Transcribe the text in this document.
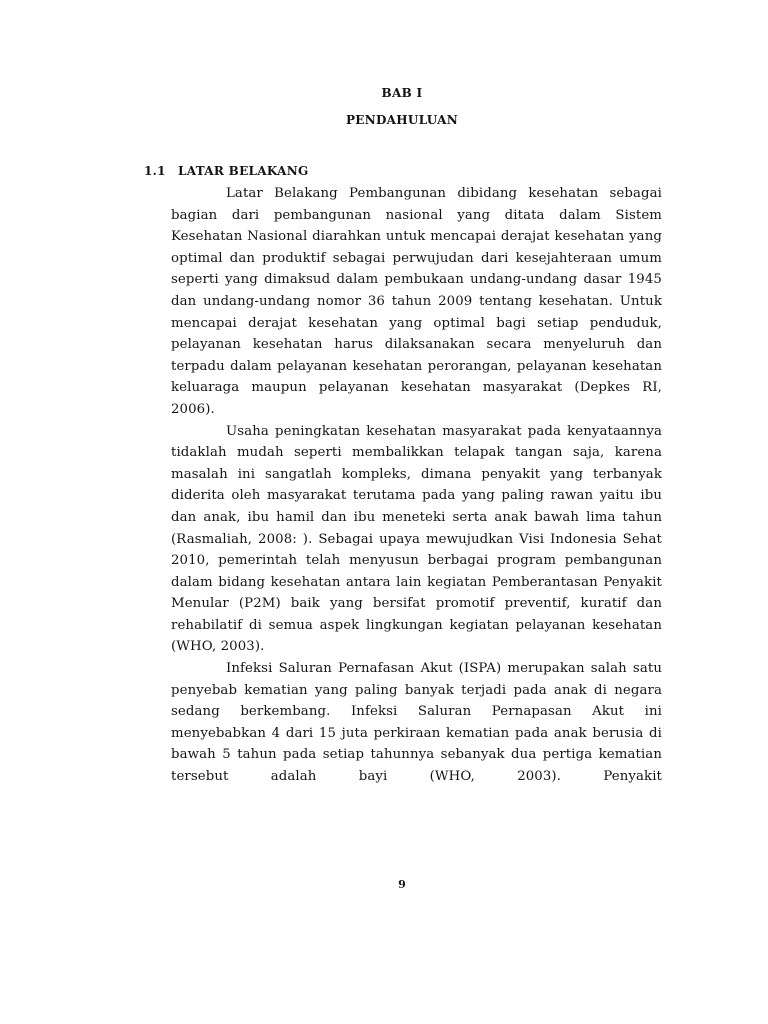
BAB I
PENDAHULUAN
1.1 LATAR BELAKANG

Latar Belakang Pembangunan dibidang kesehatan sebagai bagian dari pembangunan nasional yang ditata dalam Sistem Kesehatan Nasional diarahkan untuk mencapai derajat kesehatan yang optimal dan produktif sebagai perwujudan dari kesejahteraan umum seperti yang dimaksud dalam pembukaan undang-undang dasar 1945 dan undang-undang nomor 36 tahun 2009 tentang kesehatan. Untuk mencapai derajat kesehatan yang optimal bagi setiap penduduk, pelayanan kesehatan harus dilaksanakan secara menyeluruh dan terpadu dalam pelayanan kesehatan perorangan, pelayanan kesehatan keluaraga maupun pelayanan kesehatan masyarakat (Depkes RI, 2006).

Usaha peningkatan kesehatan masyarakat pada kenyataannya tidaklah mudah seperti membalikkan telapak tangan saja, karena masalah ini sangatlah kompleks, dimana penyakit yang terbanyak diderita oleh masyarakat terutama pada yang paling rawan yaitu ibu dan anak, ibu hamil dan ibu meneteki serta anak bawah lima tahun (Rasmaliah, 2008: ). Sebagai upaya mewujudkan Visi Indonesia Sehat 2010, pemerintah telah menyusun berbagai program pembangunan dalam bidang kesehatan antara lain kegiatan Pemberantasan Penyakit Menular (P2M) baik yang bersifat promotif preventif, kuratif dan rehabilatif di semua aspek lingkungan kegiatan pelayanan kesehatan (WHO, 2003).

Infeksi Saluran Pernafasan Akut (ISPA) merupakan salah satu penyebab kematian yang paling banyak terjadi pada anak di negara sedang berkembang. Infeksi Saluran Pernapasan Akut ini menyebabkan 4 dari 15 juta perkiraan kematian pada anak berusia di bawah 5 tahun pada setiap tahunnya sebanyak dua pertiga kematian tersebut adalah bayi (WHO, 2003). Penyakit

9
